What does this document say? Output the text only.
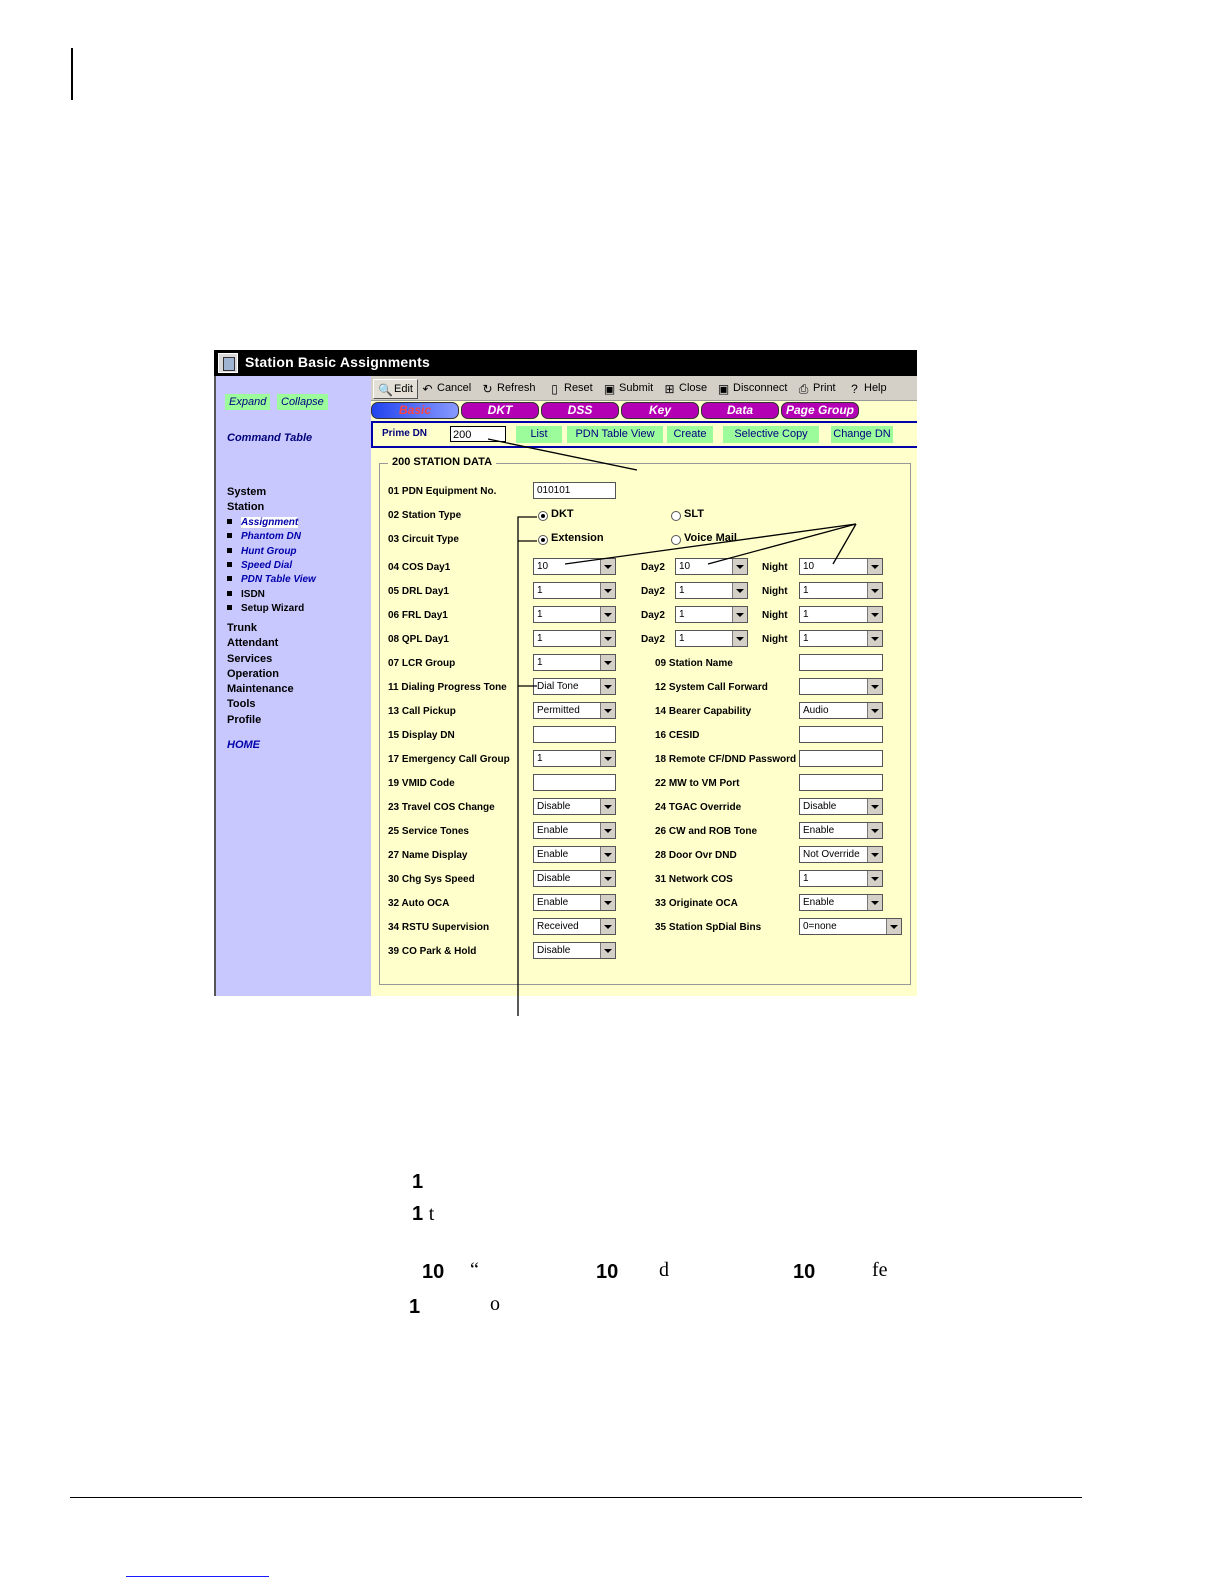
Station Basic Assignments
Expand	Collapse
Command Table
System
Station
Assignment
Phantom DN
Hunt Group
Speed Dial
PDN Table View
ISDN
Setup Wizard
Trunk
Attendant
Services
Operation
Maintenance
Tools
Profile
HOME
🔍Edit ↶ Cancel ↻ Refresh ▯ Reset ▣ Submit ⊞ Close ▣ Disconnect ⎙ Print ? Help
Basic	DKT	DSS	Key	Data	Page Group
Prime DN 200	List	PDN Table View	Create	Selective Copy	Change DN
200 STATION DATA
01 PDN Equipment No.	010101
02 Station Type	DKT	SLT
03 Circuit Type	Extension	Voice Mail
04 COS Day1	10	Day2	10	Night	10
05 DRL Day1	1	Day2	1	Night	1
06 FRL Day1	1	Day2	1	Night	1
08 QPL Day1	1	Day2	1	Night	1
07 LCR Group	1	09 Station Name
11 Dialing Progress Tone	Dial Tone	12 System Call Forward
13 Call Pickup	Permitted	14 Bearer Capability	Audio
15 Display DN	16 CESID
17 Emergency Call Group	1	18 Remote CF/DND Password
19 VMID Code	22 MW to VM Port
23 Travel COS Change	Disable	24 TGAC Override	Disable
25 Service Tones	Enable	26 CW and ROB Tone	Enable
27 Name Display	Enable	28 Door Ovr DND	Not Override
30 Chg Sys Speed	Disable	31 Network COS	1
32 Auto OCA	Enable	33 Originate OCA	Enable
34 RSTU Supervision	Received	35 Station SpDial Bins	0=none
39 CO Park & Hold	Disable
1
1 t
10 “	10 d	10	fe
1	o
